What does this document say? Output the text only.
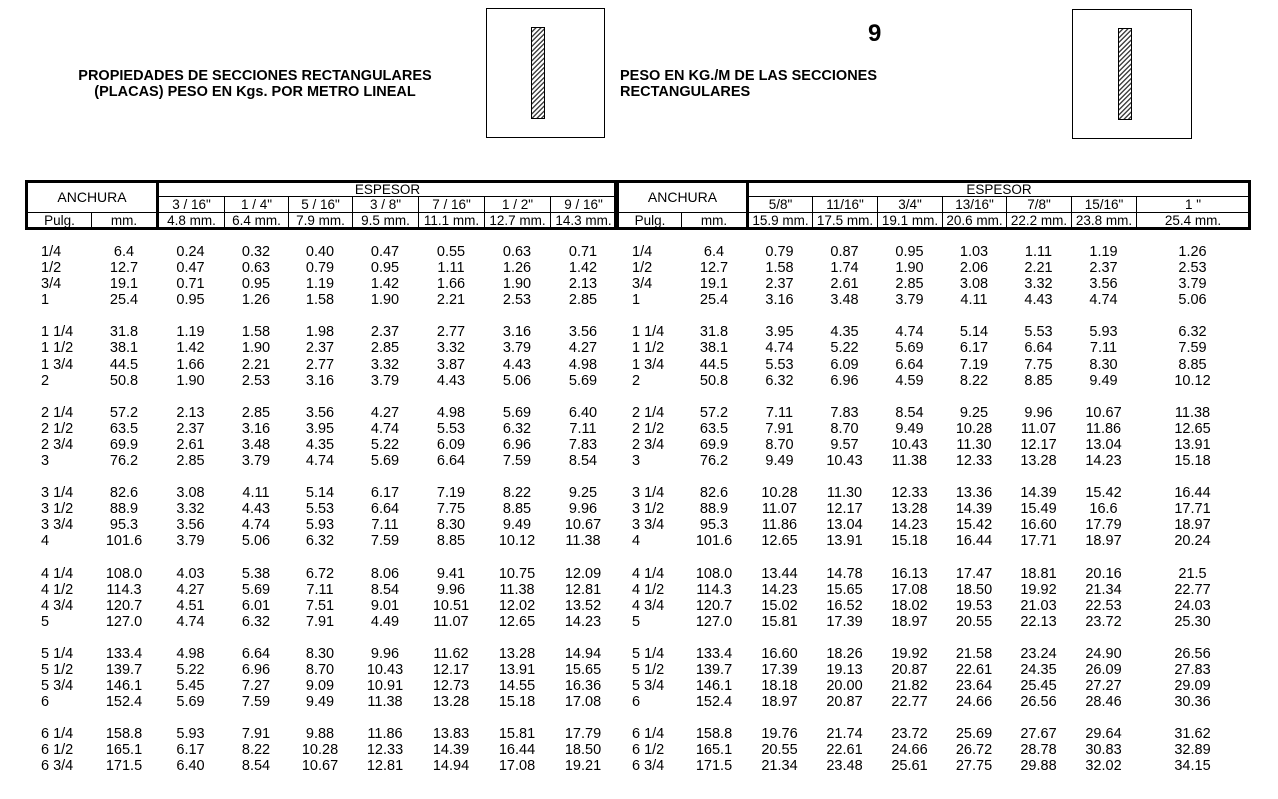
9
PROPIEDADES DE SECCIONES RECTANGULARES
(PLACAS) PESO EN Kgs. POR METRO LINEAL
PESO EN KG./M DE LAS SECCIONES
RECTANGULARES
ANCHURA		ESPESOR						
		3 / 16"	1 / 4"	5 / 16"	3 / 8"	7 / 16"	1 / 2"	9 / 16"
Pulg.	mm.	4.8 mm.	6.4 mm.	7.9 mm.	9.5 mm.	11.1 mm.	12.7 mm.	14.3 mm.
ANCHURA		ESPESOR						
		5/8"	11/16"	3/4"	13/16"	7/8"	15/16"	1 "
Pulg.	mm.	15.9 mm.	17.5 mm.	19.1 mm.	20.6 mm.	22.2 mm.	23.8 mm.	25.4 mm.
1/4	6.4	0.24	0.32	0.40	0.47	0.55	0.63	0.71
1/2	12.7	0.47	0.63	0.79	0.95	1.11	1.26	1.42
3/4	19.1	0.71	0.95	1.19	1.42	1.66	1.90	2.13
1	25.4	0.95	1.26	1.58	1.90	2.21	2.53	2.85

1 1/4	31.8	1.19	1.58	1.98	2.37	2.77	3.16	3.56
1 1/2	38.1	1.42	1.90	2.37	2.85	3.32	3.79	4.27
1 3/4	44.5	1.66	2.21	2.77	3.32	3.87	4.43	4.98
2	50.8	1.90	2.53	3.16	3.79	4.43	5.06	5.69

2 1/4	57.2	2.13	2.85	3.56	4.27	4.98	5.69	6.40
2 1/2	63.5	2.37	3.16	3.95	4.74	5.53	6.32	7.11
2 3/4	69.9	2.61	3.48	4.35	5.22	6.09	6.96	7.83
3	76.2	2.85	3.79	4.74	5.69	6.64	7.59	8.54

3 1/4	82.6	3.08	4.11	5.14	6.17	7.19	8.22	9.25
3 1/2	88.9	3.32	4.43	5.53	6.64	7.75	8.85	9.96
3 3/4	95.3	3.56	4.74	5.93	7.11	8.30	9.49	10.67
4	101.6	3.79	5.06	6.32	7.59	8.85	10.12	11.38

4 1/4	108.0	4.03	5.38	6.72	8.06	9.41	10.75	12.09
4 1/2	114.3	4.27	5.69	7.11	8.54	9.96	11.38	12.81
4 3/4	120.7	4.51	6.01	7.51	9.01	10.51	12.02	13.52
5	127.0	4.74	6.32	7.91	4.49	11.07	12.65	14.23

5 1/4	133.4	4.98	6.64	8.30	9.96	11.62	13.28	14.94
5 1/2	139.7	5.22	6.96	8.70	10.43	12.17	13.91	15.65
5 3/4	146.1	5.45	7.27	9.09	10.91	12.73	14.55	16.36
6	152.4	5.69	7.59	9.49	11.38	13.28	15.18	17.08

6 1/4	158.8	5.93	7.91	9.88	11.86	13.83	15.81	17.79
6 1/2	165.1	6.17	8.22	10.28	12.33	14.39	16.44	18.50
6 3/4	171.5	6.40	8.54	10.67	12.81	14.94	17.08	19.21
1/4	6.4	0.79	0.87	0.95	1.03	1.11	1.19	1.26
1/2	12.7	1.58	1.74	1.90	2.06	2.21	2.37	2.53
3/4	19.1	2.37	2.61	2.85	3.08	3.32	3.56	3.79
1	25.4	3.16	3.48	3.79	4.11	4.43	4.74	5.06

1 1/4	31.8	3.95	4.35	4.74	5.14	5.53	5.93	6.32
1 1/2	38.1	4.74	5.22	5.69	6.17	6.64	7.11	7.59
1 3/4	44.5	5.53	6.09	6.64	7.19	7.75	8.30	8.85
2	50.8	6.32	6.96	4.59	8.22	8.85	9.49	10.12

2 1/4	57.2	7.11	7.83	8.54	9.25	9.96	10.67	11.38
2 1/2	63.5	7.91	8.70	9.49	10.28	11.07	11.86	12.65
2 3/4	69.9	8.70	9.57	10.43	11.30	12.17	13.04	13.91
3	76.2	9.49	10.43	11.38	12.33	13.28	14.23	15.18

3 1/4	82.6	10.28	11.30	12.33	13.36	14.39	15.42	16.44
3 1/2	88.9	11.07	12.17	13.28	14.39	15.49	16.6	17.71
3 3/4	95.3	11.86	13.04	14.23	15.42	16.60	17.79	18.97
4	101.6	12.65	13.91	15.18	16.44	17.71	18.97	20.24

4 1/4	108.0	13.44	14.78	16.13	17.47	18.81	20.16	21.5
4 1/2	114.3	14.23	15.65	17.08	18.50	19.92	21.34	22.77
4 3/4	120.7	15.02	16.52	18.02	19.53	21.03	22.53	24.03
5	127.0	15.81	17.39	18.97	20.55	22.13	23.72	25.30

5 1/4	133.4	16.60	18.26	19.92	21.58	23.24	24.90	26.56
5 1/2	139.7	17.39	19.13	20.87	22.61	24.35	26.09	27.83
5 3/4	146.1	18.18	20.00	21.82	23.64	25.45	27.27	29.09
6	152.4	18.97	20.87	22.77	24.66	26.56	28.46	30.36

6 1/4	158.8	19.76	21.74	23.72	25.69	27.67	29.64	31.62
6 1/2	165.1	20.55	22.61	24.66	26.72	28.78	30.83	32.89
6 3/4	171.5	21.34	23.48	25.61	27.75	29.88	32.02	34.15
